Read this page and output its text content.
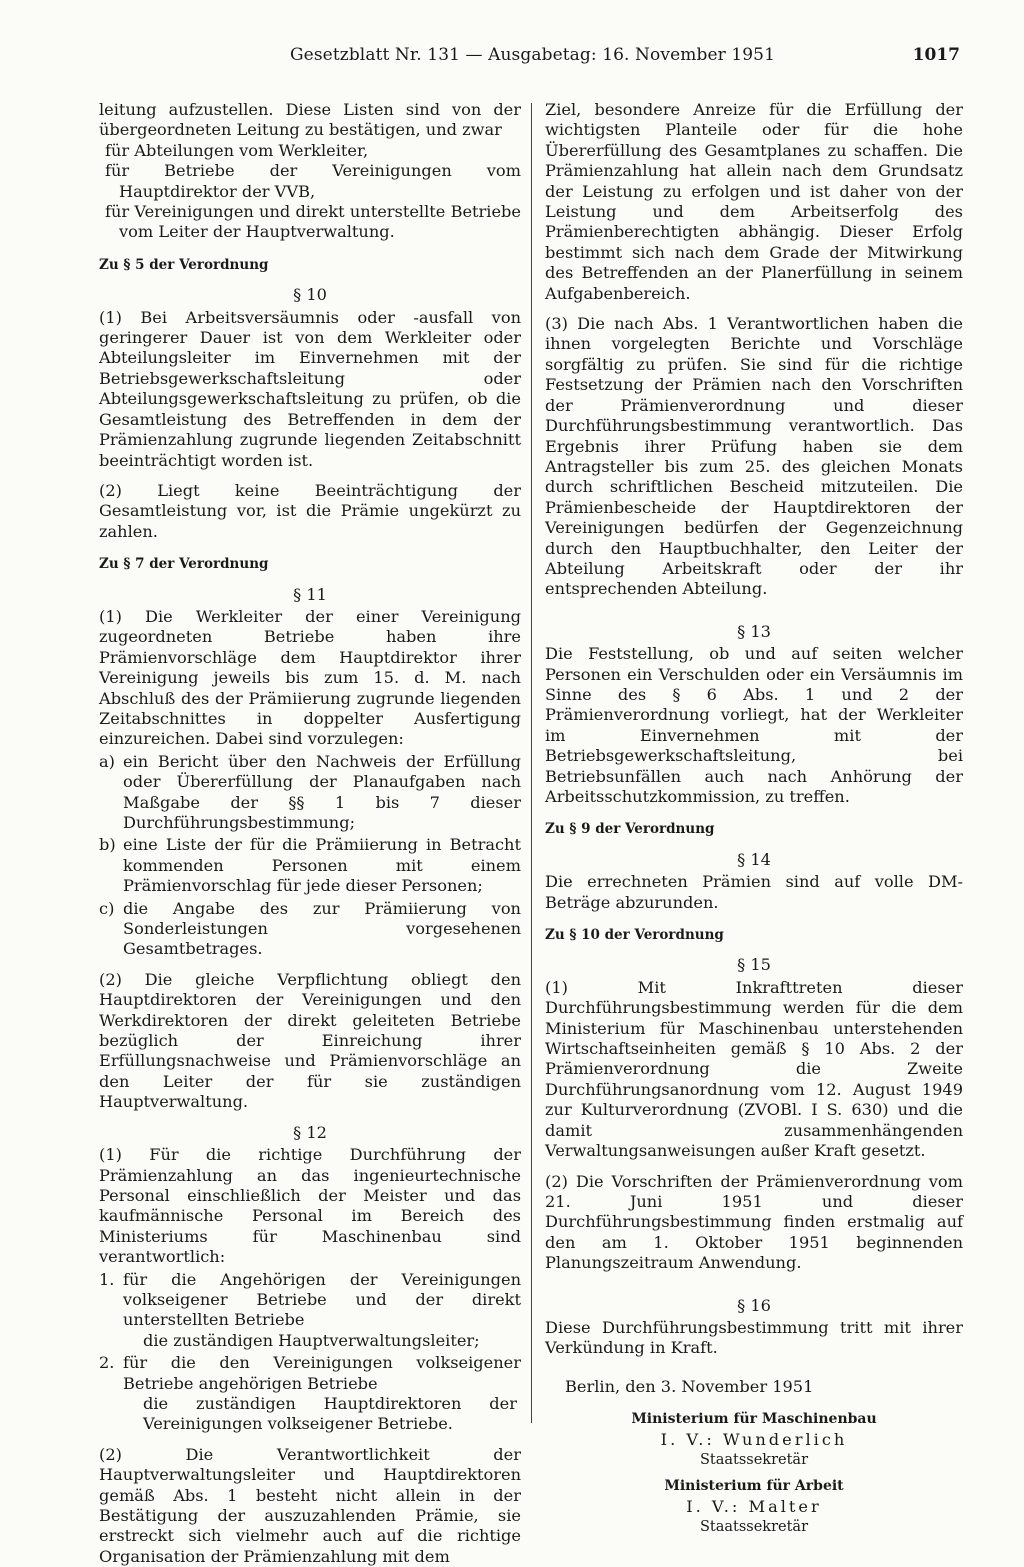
Gesetzblatt Nr. 131 — Ausgabetag: 16. November 1951	1017

leitung aufzustellen. Diese Listen sind von der übergeordneten Leitung zu bestätigen, und zwar

für Abteilungen vom Werkleiter,

für Betriebe der Vereinigungen vom Hauptdirektor der VVB,

für Vereinigungen und direkt unterstellte Betriebe vom Leiter der Hauptverwaltung.

Zu § 5 der Verordnung
§ 10

(1) Bei Arbeitsversäumnis oder -ausfall von geringerer Dauer ist von dem Werkleiter oder Abteilungsleiter im Einvernehmen mit der Betriebsgewerkschaftsleitung oder Abteilungsgewerkschaftsleitung zu prüfen, ob die Gesamtleistung des Betreffenden in dem der Prämienzahlung zugrunde liegenden Zeitabschnitt beeinträchtigt worden ist.

(2) Liegt keine Beeinträchtigung der Gesamtleistung vor, ist die Prämie ungekürzt zu zahlen.

Zu § 7 der Verordnung
§ 11

(1) Die Werkleiter der einer Vereinigung zugeordneten Betriebe haben ihre Prämienvorschläge dem Hauptdirektor ihrer Vereinigung jeweils bis zum 15. d. M. nach Abschluß des der Prämiierung zugrunde liegenden Zeitabschnittes in doppelter Ausfertigung einzureichen. Dabei sind vorzulegen:

a) ein Bericht über den Nachweis der Erfüllung oder Übererfüllung der Planaufgaben nach Maßgabe der §§ 1 bis 7 dieser Durchführungsbestimmung;
b) eine Liste der für die Prämiierung in Betracht kommenden Personen mit einem Prämienvorschlag für jede dieser Personen;
c) die Angabe des zur Prämiierung von Sonderleistungen vorgesehenen Gesamtbetrages.

(2) Die gleiche Verpflichtung obliegt den Hauptdirektoren der Vereinigungen und den Werkdirektoren der direkt geleiteten Betriebe bezüglich der Einreichung ihrer Erfüllungsnachweise und Prämienvorschläge an den Leiter der für sie zuständigen Hauptverwaltung.

§ 12

(1) Für die richtige Durchführung der Prämienzahlung an das ingenieurtechnische Personal einschließlich der Meister und das kaufmännische Personal im Bereich des Ministeriums für Maschinenbau sind verantwortlich:

1. für die Angehörigen der Vereinigungen volkseigener Betriebe und der direkt unterstellten Betriebe

die zuständigen Hauptverwaltungsleiter;

2. für die den Vereinigungen volkseigener Betriebe angehörigen Betriebe

die zuständigen Hauptdirektoren der Vereinigungen volkseigener Betriebe.

(2) Die Verantwortlichkeit der Hauptverwaltungsleiter und Hauptdirektoren gemäß Abs. 1 besteht nicht allein in der Bestätigung der auszuzahlenden Prämie, sie erstreckt sich vielmehr auch auf die richtige Organisation der Prämienzahlung mit dem

Ziel, besondere Anreize für die Erfüllung der wichtigsten Planteile oder für die hohe Übererfüllung des Gesamtplanes zu schaffen. Die Prämienzahlung hat allein nach dem Grundsatz der Leistung zu erfolgen und ist daher von der Leistung und dem Arbeitserfolg des Prämienberechtigten abhängig. Dieser Erfolg bestimmt sich nach dem Grade der Mitwirkung des Betreffenden an der Planerfüllung in seinem Aufgabenbereich.

(3) Die nach Abs. 1 Verantwortlichen haben die ihnen vorgelegten Berichte und Vorschläge sorgfältig zu prüfen. Sie sind für die richtige Festsetzung der Prämien nach den Vorschriften der Prämienverordnung und dieser Durchführungsbestimmung verantwortlich. Das Ergebnis ihrer Prüfung haben sie dem Antragsteller bis zum 25. des gleichen Monats durch schriftlichen Bescheid mitzuteilen. Die Prämienbescheide der Hauptdirektoren der Vereinigungen bedürfen der Gegenzeichnung durch den Hauptbuchhalter, den Leiter der Abteilung Arbeitskraft oder der ihr entsprechenden Abteilung.

§ 13

Die Feststellung, ob und auf seiten welcher Personen ein Verschulden oder ein Versäumnis im Sinne des § 6 Abs. 1 und 2 der Prämienverordnung vorliegt, hat der Werkleiter im Einvernehmen mit der Betriebsgewerkschaftsleitung, bei Betriebsunfällen auch nach Anhörung der Arbeitsschutzkommission, zu treffen.

Zu § 9 der Verordnung
§ 14

Die errechneten Prämien sind auf volle DM-Beträge abzurunden.

Zu § 10 der Verordnung
§ 15

(1) Mit Inkrafttreten dieser Durchführungsbestimmung werden für die dem Ministerium für Maschinenbau unterstehenden Wirtschaftseinheiten gemäß § 10 Abs. 2 der Prämienverordnung die Zweite Durchführungsanordnung vom 12. August 1949 zur Kulturverordnung (ZVOBl. I S. 630) und die damit zusammenhängenden Verwaltungsanweisungen außer Kraft gesetzt.

(2) Die Vorschriften der Prämienverordnung vom 21. Juni 1951 und dieser Durchführungsbestimmung finden erstmalig auf den am 1. Oktober 1951 beginnenden Planungszeitraum Anwendung.

§ 16

Diese Durchführungsbestimmung tritt mit ihrer Verkündung in Kraft.

Berlin, den 3. November 1951

Ministerium für Maschinenbau
I. V.: Wunderlich
Staatssekretär
Ministerium für Arbeit
I. V.: Malter
Staatssekretär
